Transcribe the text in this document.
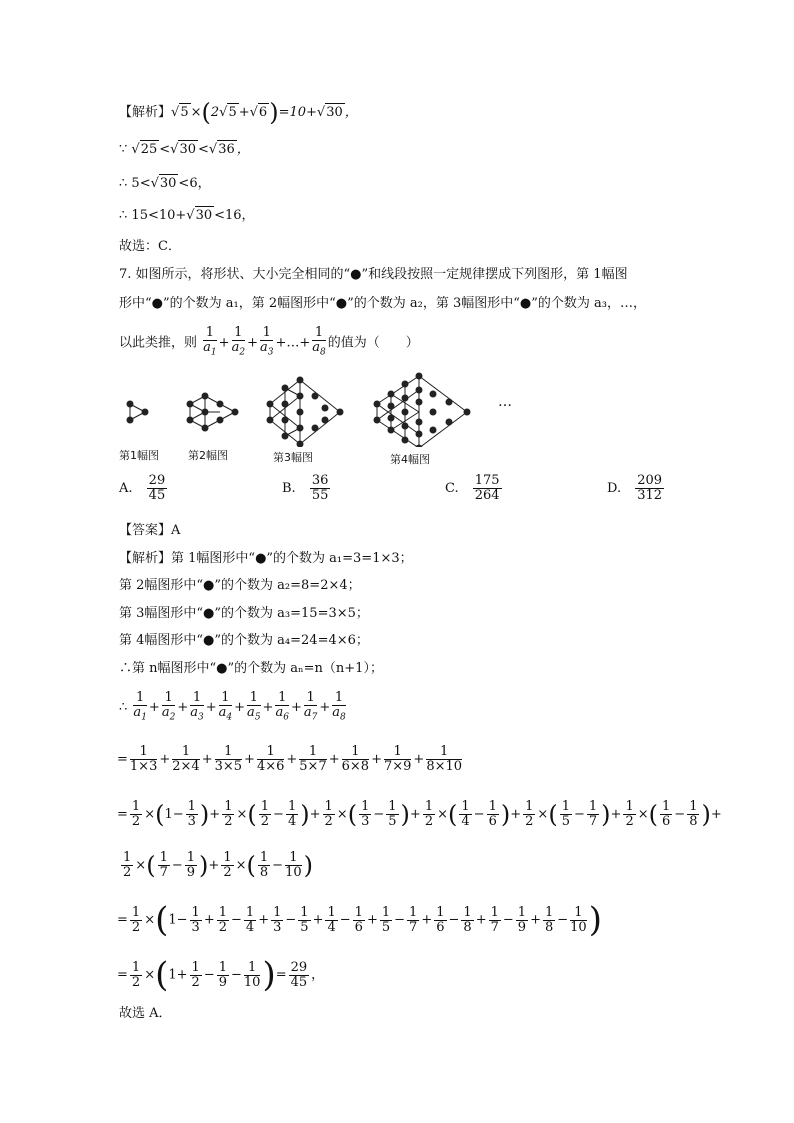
【解析】√5 ×(2√5 +√6)=10+√30 ，
∵ √25 <√30 <√36 ，
∴ 5<√30 <6，
∴ 15<10+√30 <16，
故选：C．
7. 如图所示，将形状、大小完全相同的“●”和线段按照一定规律摆成下列图形，第 1幅图
形中“●”的个数为 a₁，第 2幅图形中“●”的个数为 a₂，第 3幅图形中“●”的个数为 a₃，…，
以此类推，则 $\frac{1}{a_1} + \frac{1}{a_2} + \frac{1}{a_3}$ +…+ $\frac{1}{a_8}$ 的值为（　　）
…
第1幅图	第2幅图	第3幅图	第4幅图
A. $\frac{29}{45}$	B. $\frac{36}{55}$	C. $\frac{175}{264}$	D. $\frac{209}{312}$
【答案】A
【解析】第 1幅图形中“●”的个数为 a₁=3=1×3；
第 2幅图形中“●”的个数为 a₂=8=2×4；
第 3幅图形中“●”的个数为 a₃=15=3×5；
第 4幅图形中“●”的个数为 a₄=24=4×6；
∴第 n幅图形中“●”的个数为 aₙ=n（n+1）；
∴ $\frac{1}{a_1} + \frac{1}{a_2} + \frac{1}{a_3} + \frac{1}{a_4} + \frac{1}{a_5} + \frac{1}{a_6} + \frac{1}{a_7} + \frac{1}{a_8}$
= $\frac{1}{1\times 3} + \frac{1}{2\times 4} + \frac{1}{3\times 5} + \frac{1}{4\times 6} + \frac{1}{5\times 7} + \frac{1}{6\times 8} + \frac{1}{7\times 9} + \frac{1}{8\times 10}$
= $\frac{1}{2} \times(1- \frac{1}{3}$ )+ $\frac{1}{2}$ ×( $\frac{1}{2} - \frac{1}{4}$ )+ $\frac{1}{2}$ ×( $\frac{1}{3} - \frac{1}{5}$ )+ $\frac{1}{2}$ ×( $\frac{1}{4} - \frac{1}{6}$ )+ $\frac{1}{2}$ ×( $\frac{1}{5} - \frac{1}{7}$ )+ $\frac{1}{2}$ ×( $\frac{1}{6} - \frac{1}{8}$ )+
$\frac{1}{2}$ ×( $\frac{1}{7} - \frac{1}{9}$ )+ $\frac{1}{2}$ ×( $\frac{1}{8} - \frac{1}{10}$ )
= $\frac{1}{2} \times(1- \frac{1}{3} + \frac{1}{2} - \frac{1}{4} + \frac{1}{3} - \frac{1}{5} + \frac{1}{4} - \frac{1}{6} + \frac{1}{5} - \frac{1}{7} + \frac{1}{6} - \frac{1}{8} + \frac{1}{7} - \frac{1}{9} + \frac{1}{8} - \frac{1}{10}$ )
= $\frac{1}{2} \times(1+ \frac{1}{2} - \frac{1}{9} - \frac{1}{10}$ )= $\frac{29}{45}$ ，
故选 A．
